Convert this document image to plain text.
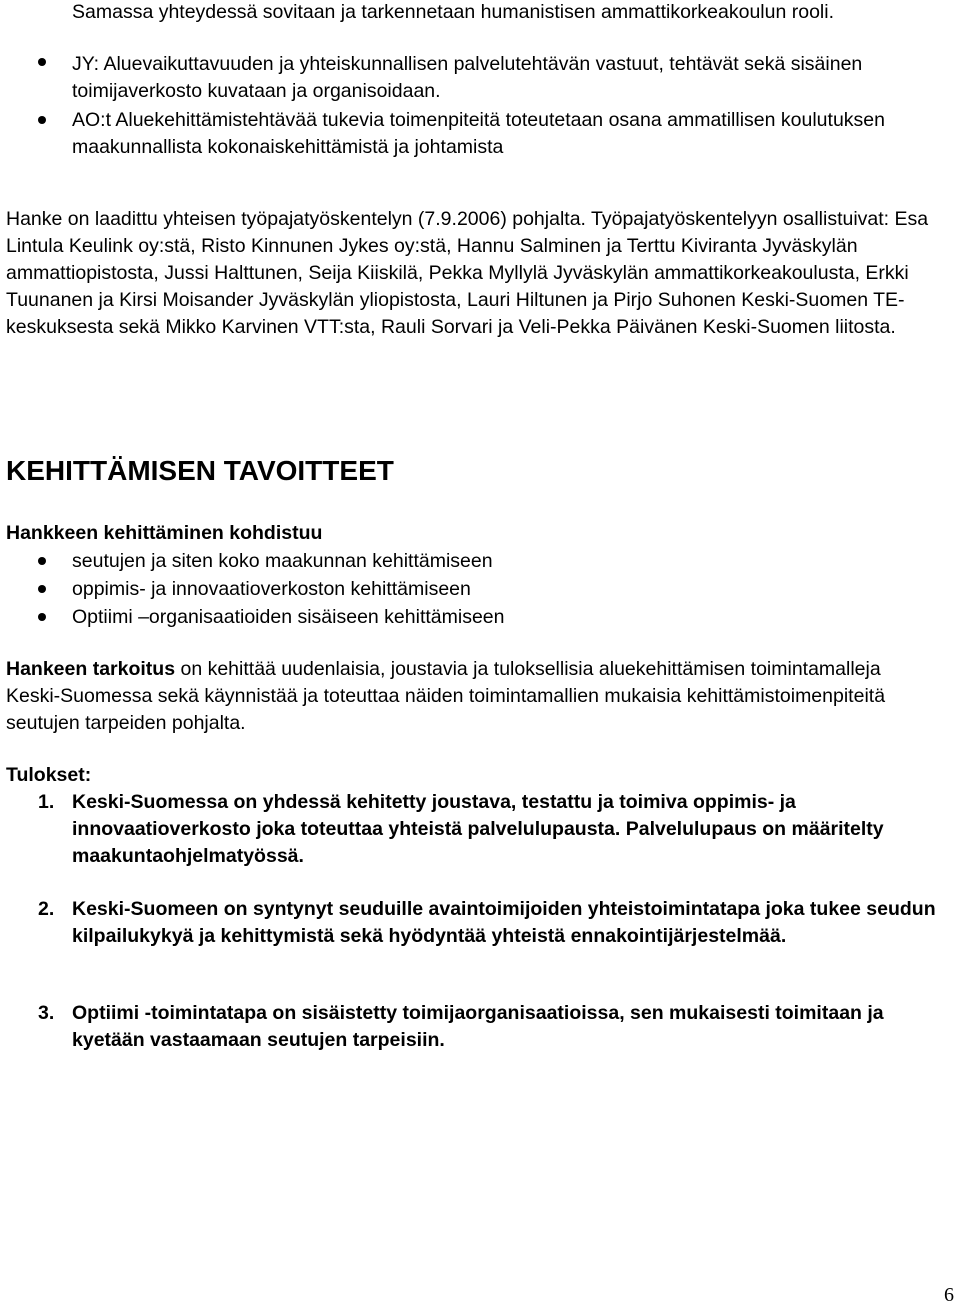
Samassa yhteydessä sovitaan ja tarkennetaan humanistisen ammattikorkeakoulun rooli.

JY: Aluevaikuttavuuden ja yhteiskunnallisen palvelutehtävän vastuut, tehtävät sekä sisäinen toimijaverkosto kuvataan ja organisoidaan.

AO:t Aluekehittämistehtävää tukevia toimenpiteitä toteutetaan osana ammatillisen koulutuksen maakunnallista kokonaiskehittämistä ja johtamista

Hanke on laadittu yhteisen työpajatyöskentelyn (7.9.2006) pohjalta. Työpajatyöskentelyyn osallistuivat: Esa Lintula Keulink oy:stä, Risto Kinnunen Jykes oy:stä, Hannu Salminen ja Terttu Kiviranta Jyväskylän ammattiopistosta, Jussi Halttunen, Seija Kiiskilä, Pekka Myllylä Jyväskylän ammattikorkeakoulusta, Erkki Tuunanen ja Kirsi Moisander Jyväskylän yliopistosta, Lauri Hiltunen ja Pirjo Suhonen Keski-Suomen TE-keskuksesta sekä Mikko Karvinen VTT:sta, Rauli Sorvari ja Veli-Pekka Päivänen Keski-Suomen liitosta.

KEHITTÄMISEN TAVOITTEET

Hankkeen kehittäminen kohdistuu

seutujen ja siten koko maakunnan kehittämiseen

oppimis- ja innovaatioverkoston kehittämiseen

Optiimi –organisaatioiden sisäiseen kehittämiseen

Hankeen tarkoitus on kehittää uudenlaisia, joustavia ja tuloksellisia aluekehittämisen toimintamalleja Keski-Suomessa sekä käynnistää ja toteuttaa näiden toimintamallien mukaisia kehittämistoimenpiteitä seutujen tarpeiden pohjalta.

Tulokset:

1. Keski-Suomessa on yhdessä kehitetty joustava, testattu ja toimiva oppimis- ja innovaatioverkosto joka toteuttaa yhteistä palvelulupausta. Palvelulupaus on määritelty maakuntaohjelmatyössä.

2. Keski-Suomeen on syntynyt seuduille avaintoimijoiden yhteistoimintatapa joka tukee seudun kilpailukykyä ja kehittymistä sekä hyödyntää yhteistä ennakointijärjestelmää.

3. Optiimi -toimintatapa on sisäistetty toimijaorganisaatioissa, sen mukaisesti toimitaan ja kyetään vastaamaan seutujen tarpeisiin.

6
